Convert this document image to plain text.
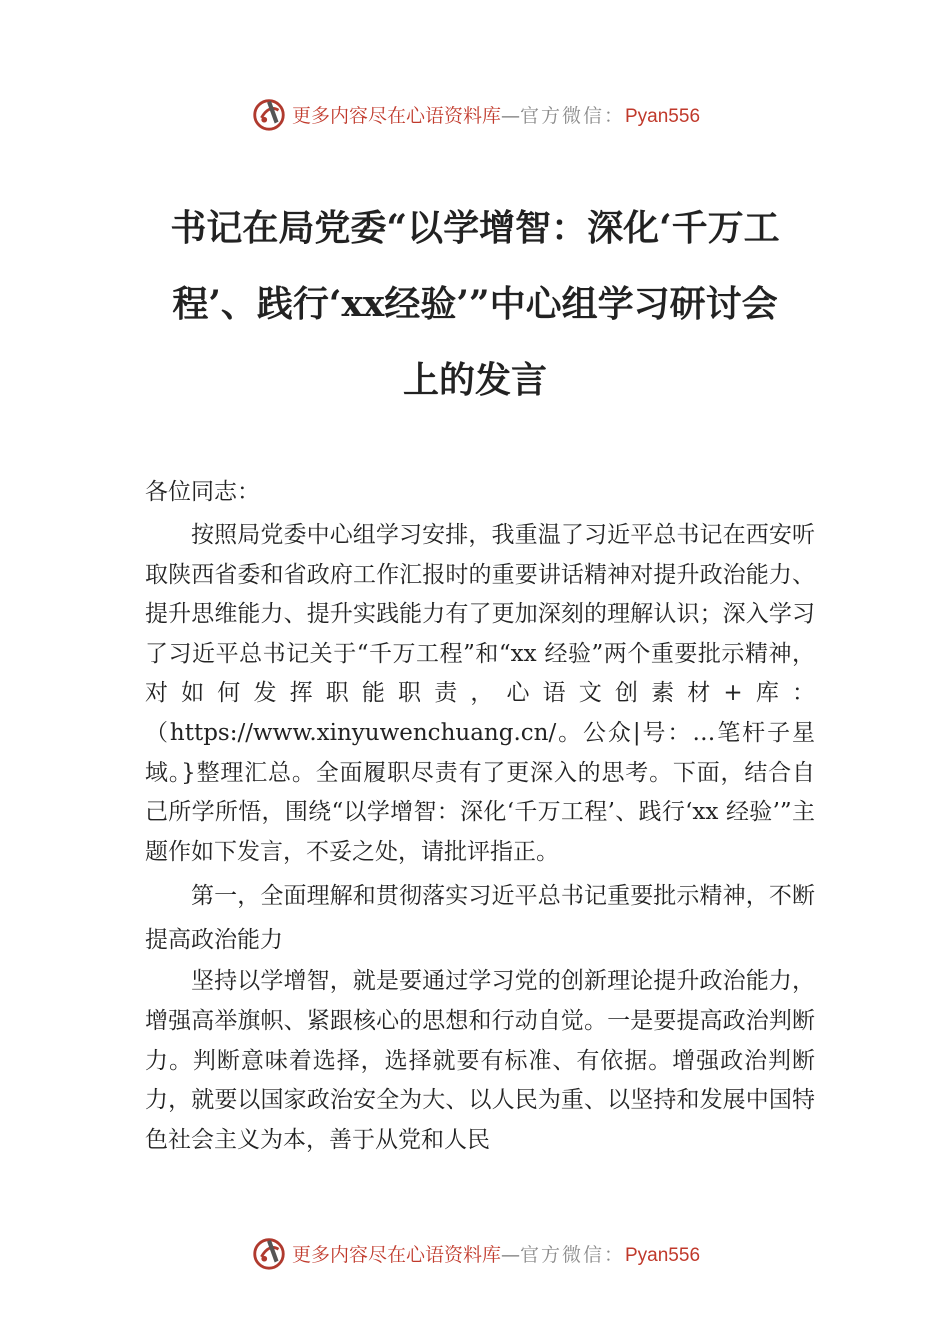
更多内容尽在心语资料库—官方微信：Pyan556
书记在局党委“以学增智：深化‘千万工
程’、践行‘xx经验’”中心组学习研讨会
上的发言

各位同志：

按照局党委中心组学习安排，我重温了习近平总书记在西安听取陕西省委和省政府工作汇报时的重要讲话精神对提升政治能力、提升思维能力、提升实践能力有了更加深刻的理解认识；深入学习了习近平总书记关于“千万工程”和“xx 经验”两个重要批示精神，对如何发挥职能职责，心语文创素材+库：（https://www.xinyuwenchuang.cn/。公众|号：…笔杆子星域。}整理汇总。全面履职尽责有了更深入的思考。下面，结合自己所学所悟，围绕“以学增智：深化‘千万工程’、践行‘xx 经验’”主题作如下发言，不妥之处，请批评指正。

第一，全面理解和贯彻落实习近平总书记重要批示精神，不断提高政治能力

坚持以学增智，就是要通过学习党的创新理论提升政治能力，增强高举旗帜、紧跟核心的思想和行动自觉。一是要提高政治判断力。判断意味着选择，选择就要有标准、有依据。增强政治判断力，就要以国家政治安全为大、以人民为重、以坚持和发展中国特色社会主义为本，善于从党和人民

更多内容尽在心语资料库—官方微信：Pyan556
